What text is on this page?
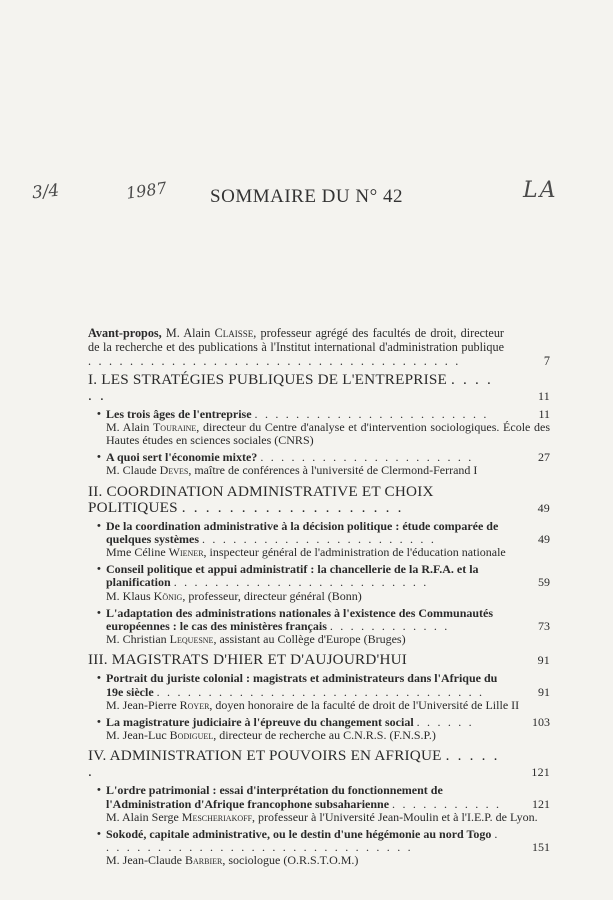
3/4	1987	LA
SOMMAIRE DU N° 42
Avant-propos, M. Alain Claisse, professeur agrégé des facultés de droit, directeur de la recherche et des publications à l'Institut international d'administration publique . . . . . . . . . . . . . . . . . . . . . . . . . . . . . . . . . . . .	7
I. LES STRATÉGIES PUBLIQUES DE L'ENTREPRISE . . . . . .	11
• Les trois âges de l'entreprise . . . . . . . . . . . . . . . . . . . . . . .	11
M. Alain Touraine, directeur du Centre d'analyse et d'intervention sociologiques. École des Hautes études en sciences sociales (CNRS)
• A quoi sert l'économie mixte? . . . . . . . . . . . . . . . . . . . . .	27
M. Claude Deves, maître de conférences à l'université de Clermond-Ferrand I
II. COORDINATION ADMINISTRATIVE ET CHOIX POLITIQUES . . . . . . . . . . . . . . . . . . .	49
• De la coordination administrative à la décision politique : étude comparée de quelques systèmes . . . . . . . . . . . . . . . . . . . . . . .	49
Mme Céline Wiener, inspecteur général de l'administration de l'éducation nationale
• Conseil politique et appui administratif : la chancellerie de la R.F.A. et la planification . . . . . . . . . . . . . . . . . . . . . . . . .	59
M. Klaus König, professeur, directeur général (Bonn)
• L'adaptation des administrations nationales à l'existence des Communautés européennes : le cas des ministères français . . . . . . . . . . . .	73
M. Christian Lequesne, assistant au Collège d'Europe (Bruges)
III. MAGISTRATS D'HIER ET D'AUJOURD'HUI	91
• Portrait du juriste colonial : magistrats et administrateurs dans l'Afrique du 19e siècle . . . . . . . . . . . . . . . . . . . . . . . . . . . . . . . .	91
M. Jean-Pierre Royer, doyen honoraire de la faculté de droit de l'Université de Lille II
• La magistrature judiciaire à l'épreuve du changement social . . . . . .	103
M. Jean-Luc Bodiguel, directeur de recherche au C.N.R.S. (F.N.S.P.)
IV. ADMINISTRATION ET POUVOIRS EN AFRIQUE . . . . . .	121
• L'ordre patrimonial : essai d'interprétation du fonctionnement de l'Administration d'Afrique francophone subsaharienne . . . . . . . . . . .	121
M. Alain Serge Mescheriakoff, professeur à l'Université Jean-Moulin et à l'I.E.P. de Lyon.
• Sokodé, capitale administrative, ou le destin d'une hégémonie au nord Togo . . . . . . . . . . . . . . . . . . . . . . . . . . . . . . .	151
M. Jean-Claude Barbier, sociologue (O.R.S.T.O.M.)
